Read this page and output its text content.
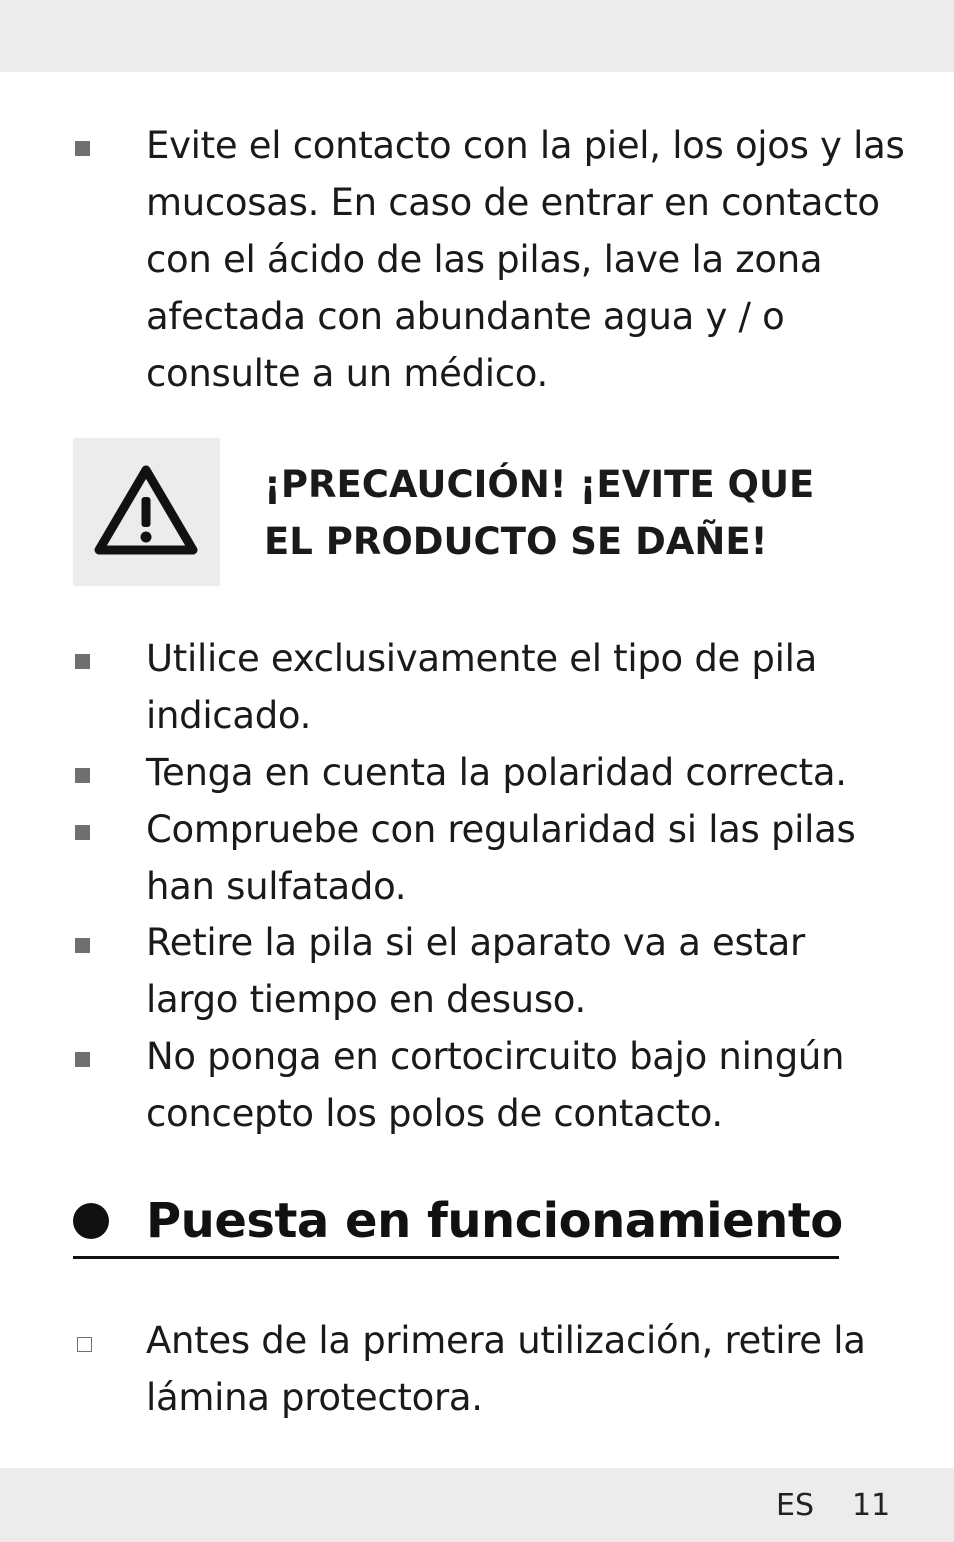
Evite el contacto con la piel, los ojos y las mucosas. En caso de entrar en contacto con el ácido de las pilas, lave la zona afectada con abundante agua y / o consulte a un médico.

¡PRECAUCIÓN! ¡EVITE QUE
EL PRODUCTO SE DAÑE!

Utilice exclusivamente el tipo de pila indicado.

Tenga en cuenta la polaridad correcta.

Compruebe con regularidad si las pilas han sulfatado.

Retire la pila si el aparato va a estar largo tiempo en desuso.

No ponga en cortocircuito bajo ningún concepto los polos de contacto.

Puesta en funcionamiento

Antes de la primera utilización, retire la lámina protectora.

ES 11
